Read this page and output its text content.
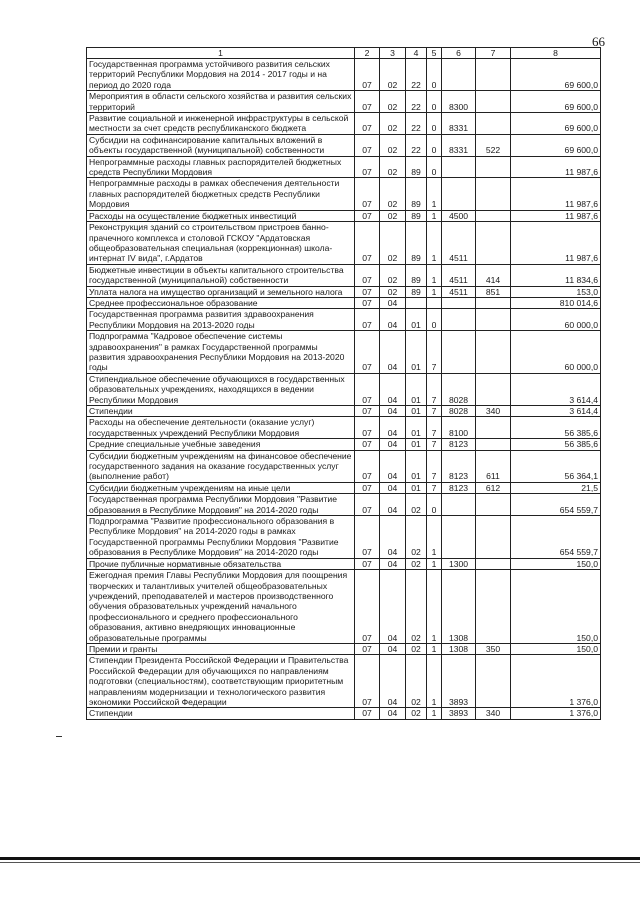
66
1	2	3	4	5	6	7	8
Государственная программа устойчивого развития сельских территорий Республики Мордовия на 2014 - 2017 годы и на период до 2020 года	07	02	22	0			69 600,0
Мероприятия в области сельского хозяйства и развития сельских территорий	07	02	22	0	8300		69 600,0
Развитие социальной и инженерной инфраструктуры в сельской местности за счет средств республиканского бюджета	07	02	22	0	8331		69 600,0
Субсидии на софинансирование капитальных вложений в объекты государственной (муниципальной) собственности	07	02	22	0	8331	522	69 600,0
Непрограммные расходы главных распорядителей бюджетных средств Республики Мордовия	07	02	89	0			11 987,6
Непрограммные расходы в рамках обеспечения деятельности главных распорядителей бюджетных средств Республики Мордовия	07	02	89	1			11 987,6
Расходы на осуществление бюджетных инвестиций	07	02	89	1	4500		11 987,6
Реконструкция зданий со строительством пристроев банно-прачечного комплекса и столовой ГСКОУ "Ардатовская общеобразовательная специальная (коррекционная) школа-интернат IV вида", г.Ардатов	07	02	89	1	4511		11 987,6
Бюджетные инвестиции в объекты капитального строительства государственной (муниципальной) собственности	07	02	89	1	4511	414	11 834,6
Уплата налога на имущество организаций и земельного налога	07	02	89	1	4511	851	153,0
Среднее профессиональное образование	07	04					810 014,6
Государственная программа развития здравоохранения Республики Мордовия на 2013-2020 годы	07	04	01	0			60 000,0
Подпрограмма "Кадровое обеспечение системы здравоохранения" в рамках Государственной программы развития здравоохранения Республики Мордовия на 2013-2020 годы	07	04	01	7			60 000,0
Стипендиальное обеспечение обучающихся в государственных образовательных учреждениях, находящихся в ведении Республики Мордовия	07	04	01	7	8028		3 614,4
Стипендии	07	04	01	7	8028	340	3 614,4
Расходы на обеспечение деятельности (оказание услуг) государственных учреждений Республики Мордовия	07	04	01	7	8100		56 385,6
Средние специальные учебные заведения	07	04	01	7	8123		56 385,6
Субсидии бюджетным учреждениям на финансовое обеспечение государственного задания на оказание государственных услуг (выполнение работ)	07	04	01	7	8123	611	56 364,1
Субсидии бюджетным учреждениям на иные цели	07	04	01	7	8123	612	21,5
Государственная программа Республики Мордовия "Развитие образования в Республике Мордовия" на 2014-2020 годы	07	04	02	0			654 559,7
Подпрограмма "Развитие профессионального образования в Республике Мордовия" на 2014-2020 годы в рамках Государственной программы Республики Мордовия "Развитие образования в Республике Мордовия" на 2014-2020 годы	07	04	02	1			654 559,7
Прочие публичные нормативные обязательства	07	04	02	1	1300		150,0
Ежегодная премия Главы Республики Мордовия для поощрения творческих и талантливых учителей общеобразовательных учреждений, преподавателей и мастеров производственного обучения образовательных учреждений начального профессионального и среднего профессионального образования, активно внедряющих инновационные образовательные программы	07	04	02	1	1308		150,0
Премии и гранты	07	04	02	1	1308	350	150,0
Стипендии Президента Российской Федерации и Правительства Российской Федерации для обучающихся по направлениям подготовки (специальностям), соответствующим приоритетным направлениям модернизации и технологического развития экономики Российской Федерации	07	04	02	1	3893		1 376,0
Стипендии	07	04	02	1	3893	340	1 376,0
